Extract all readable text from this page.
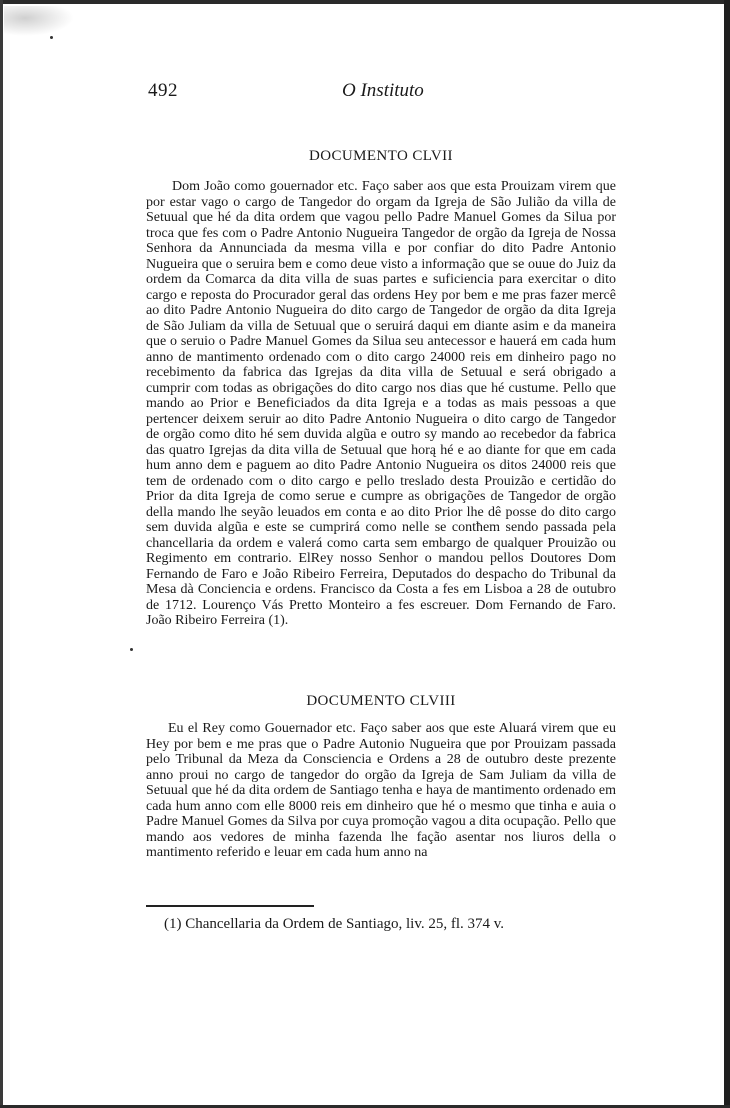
492	O Instituto
DOCUMENTO CLVII

Dom João como gouernador etc. Faço saber aos que esta Prouizam virem que por estar vago o cargo de Tangedor do orgam da Igreja de São Julião da villa de Setuual que hé da dita ordem que vagou pello Padre Manuel Gomes da Silua por troca que fes com o Padre Antonio Nugueira Tangedor de orgão da Igreja de Nossa Senhora da Annunciada da mesma villa e por confiar do dito Padre Antonio Nugueira que o seruira bem e como deue visto a informação que se ouue do Juiz da ordem da Comarca da dita villa de suas partes e suficiencia para exercitar o dito cargo e reposta do Procurador geral das ordens Hey por bem e me pras fazer mercê ao dito Padre Antonio Nugueira do dito cargo de Tangedor de orgão da dita Igreja de São Juliam da villa de Setuual que o seruirá daqui em diante asim e da maneira que o seruio o Padre Manuel Gomes da Silua seu antecessor e hauerá em cada hum anno de mantimento ordenado com o dito cargo 24000 reis em dinheiro pago no recebimento da fabrica das Igrejas da dita villa de Setuual e será obrigado a cumprir com todas as obrigações do dito cargo nos dias que hé custume. Pello que mando ao Prior e Beneficiados da dita Igreja e a todas as mais pessoas a que pertencer deixem seruir ao dito Padre Antonio Nugueira o dito cargo de Tangedor de orgão como dito hé sem duvida algũa e outro sy mando ao recebedor da fabrica das quatro Igrejas da dita villa de Setuual que horą hé e ao diante for que em cada hum anno dem e paguem ao dito Padre Antonio Nugueira os ditos 24000 reis que tem de ordenado com o dito cargo e pello treslado desta Prouizão e certidão do Prior da dita Igreja de como serue e cumpre as obrigações de Tangedor de orgão della mando lhe seyão leuados em conta e ao dito Prior lhe dê posse do dito cargo sem duvida algũa e este se cumprirá como nelle se contħem sendo passada pela chancellaria da ordem e valerá como carta sem embargo de qualquer Prouizão ou Regimento em contrario. ElRey nosso Senhor o mandou pellos Doutores Dom Fernando de Faro e João Ribeiro Ferreira, Deputados do despacho do Tribunal da Mesa dà Conciencia e ordens. Francisco da Costa a fes em Lisboa a 28 de outubro de 1712. Lourenço Vás Pretto Monteiro a fes escreuer. Dom Fernando de Faro. João Ribeiro Ferreira (1).

DOCUMENTO CLVIII

Eu el Rey como Gouernador etc. Faço saber aos que este Aluará virem que eu Hey por bem e me pras que o Padre Autonio Nugueira que por Prouizam passada pelo Tribunal da Meza da Consciencia e Ordens a 28 de outubro deste prezente anno proui no cargo de tangedor do orgão da Igreja de Sam Juliam da villa de Setuual que hé da dita ordem de Santiago tenha e haya de mantimento ordenado em cada hum anno com elle 8000 reis em dinheiro que hé o mesmo que tinha e auia o Padre Manuel Gomes da Silva por cuya promoção vagou a dita ocupação. Pello que mando aos vedores de minha fazenda lhe fação asentar nos liuros della o mantimento referido e leuar em cada hum anno na

(1) Chancellaria da Ordem de Santiago, liv. 25, fl. 374 v.
